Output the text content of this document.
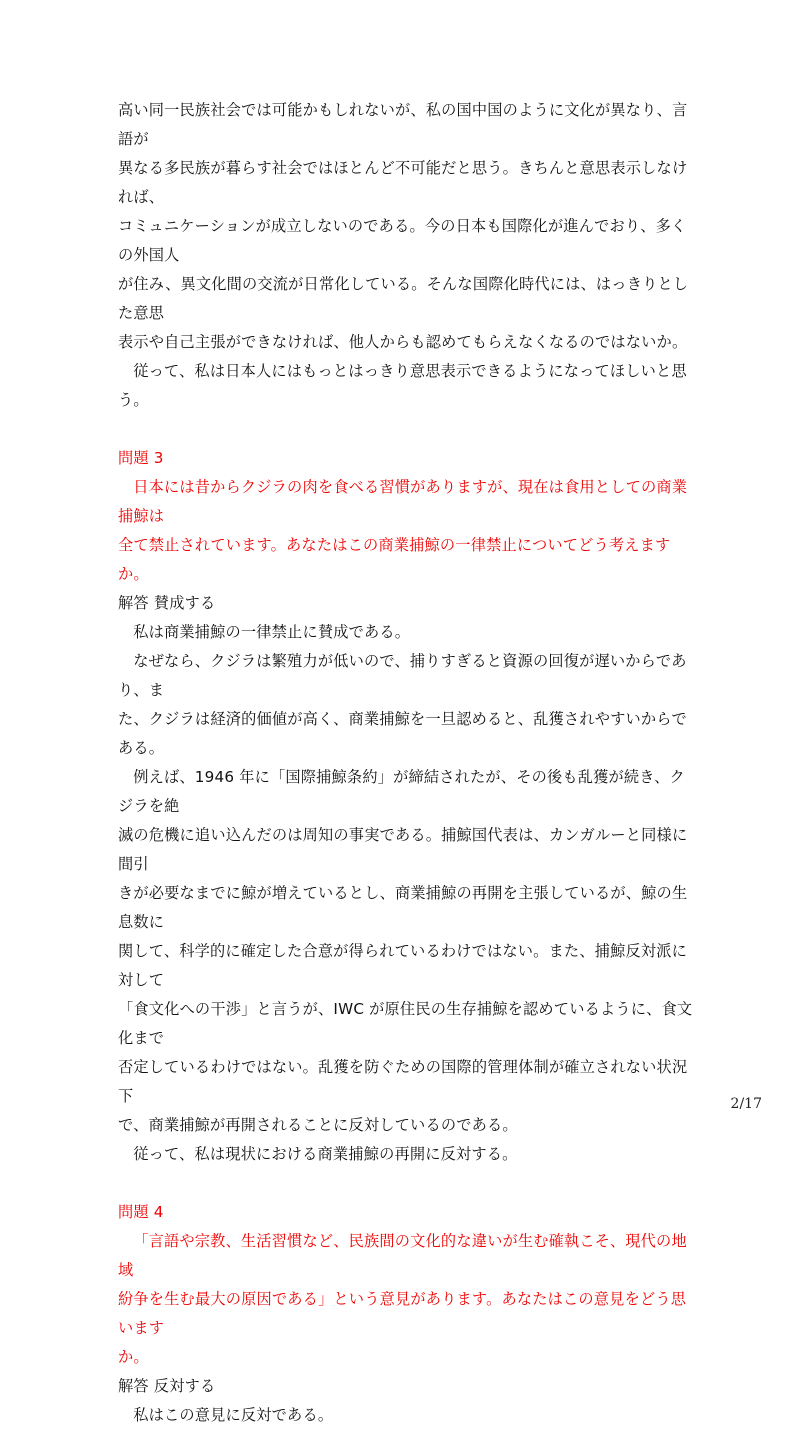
高い同一民族社会では可能かもしれないが、私の国中国のように文化が異なり、言語が
異なる多民族が暮らす社会ではほとんど不可能だと思う。きちんと意思表示しなければ、
コミュニケーションが成立しないのである。今の日本も国際化が進んでおり、多くの外国人
が住み、異文化間の交流が日常化している。そんな国際化時代には、はっきりとした意思
表示や自己主張ができなければ、他人からも認めてもらえなくなるのではないか。

従って、私は日本人にはもっとはっきり意思表示できるようになってほしいと思う。

問題 3

日本には昔からクジラの肉を食べる習慣がありますが、現在は食用としての商業捕鯨は
全て禁止されています。あなたはこの商業捕鯨の一律禁止についてどう考えますか。

解答 賛成する

私は商業捕鯨の一律禁止に賛成である。

なぜなら、クジラは繁殖力が低いので、捕りすぎると資源の回復が遅いからであり、ま
た、クジラは経済的価値が高く、商業捕鯨を一旦認めると、乱獲されやすいからである。

例えば、1946 年に「国際捕鯨条約」が締結されたが、その後も乱獲が続き、クジラを絶
滅の危機に追い込んだのは周知の事実である。捕鯨国代表は、カンガルーと同様に間引
きが必要なまでに鯨が増えているとし、商業捕鯨の再開を主張しているが、鯨の生息数に
関して、科学的に確定した合意が得られているわけではない。また、捕鯨反対派に対して
「食文化への干渉」と言うが、IWC が原住民の生存捕鯨を認めているように、食文化まで
否定しているわけではない。乱獲を防ぐための国際的管理体制が確立されない状況下
で、商業捕鯨が再開されることに反対しているのである。

従って、私は現状における商業捕鯨の再開に反対する。

問題 4

「言語や宗教、生活習慣など、民族間の文化的な違いが生む確執こそ、現代の地域
紛争を生む最大の原因である」という意見があります。あなたはこの意見をどう思います
か。

解答 反対する

私はこの意見に反対である。

2/17
